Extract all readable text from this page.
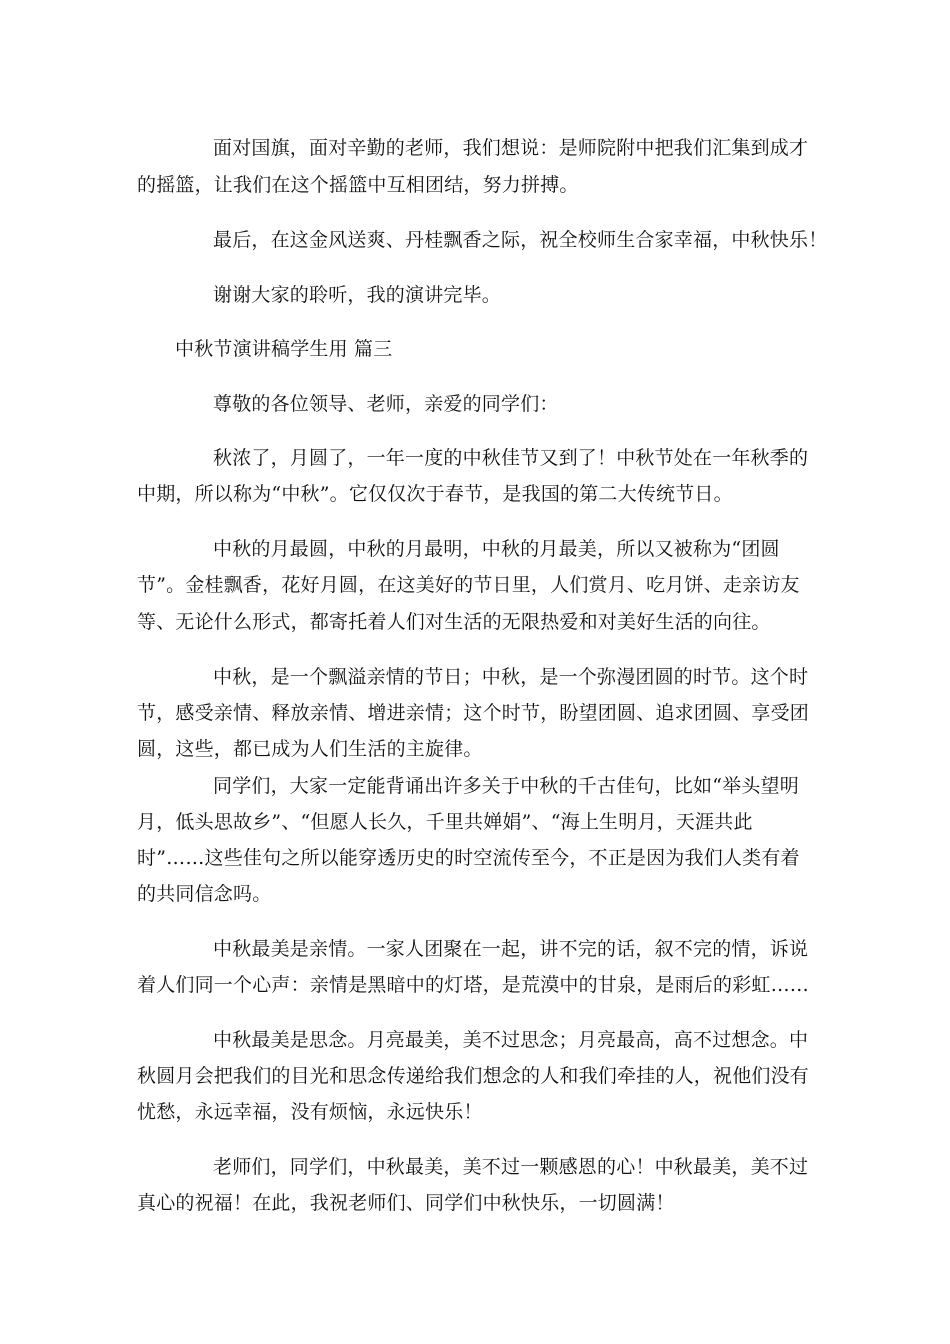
面对国旗，面对辛勤的老师，我们想说：是师院附中把我们汇集到成才
的摇篮，让我们在这个摇篮中互相团结，努力拼搏。
最后，在这金风送爽、丹桂飘香之际，祝全校师生合家幸福，中秋快乐！
谢谢大家的聆听，我的演讲完毕。
中秋节演讲稿学生用 篇三
尊敬的各位领导、老师，亲爱的同学们：
秋浓了，月圆了，一年一度的中秋佳节又到了！中秋节处在一年秋季的
中期，所以称为“中秋”。它仅仅次于春节，是我国的第二大传统节日。
中秋的月最圆，中秋的月最明，中秋的月最美，所以又被称为“团圆
节”。金桂飘香，花好月圆，在这美好的节日里，人们赏月、吃月饼、走亲访友
等、无论什么形式，都寄托着人们对生活的无限热爱和对美好生活的向往。
中秋，是一个飘溢亲情的节日；中秋，是一个弥漫团圆的时节。这个时
节，感受亲情、释放亲情、增进亲情；这个时节，盼望团圆、追求团圆、享受团
圆，这些，都已成为人们生活的主旋律。
同学们，大家一定能背诵出许多关于中秋的千古佳句，比如“举头望明
月，低头思故乡”、“但愿人长久，千里共婵娟”、“海上生明月，天涯共此
时”……这些佳句之所以能穿透历史的时空流传至今，不正是因为我们人类有着
的共同信念吗。
中秋最美是亲情。一家人团聚在一起，讲不完的话，叙不完的情，诉说
着人们同一个心声：亲情是黑暗中的灯塔，是荒漠中的甘泉，是雨后的彩虹……
中秋最美是思念。月亮最美，美不过思念；月亮最高，高不过想念。中
秋圆月会把我们的目光和思念传递给我们想念的人和我们牵挂的人，祝他们没有
忧愁，永远幸福，没有烦恼，永远快乐！
老师们，同学们，中秋最美，美不过一颗感恩的心！中秋最美，美不过
真心的祝福！在此，我祝老师们、同学们中秋快乐，一切圆满！
